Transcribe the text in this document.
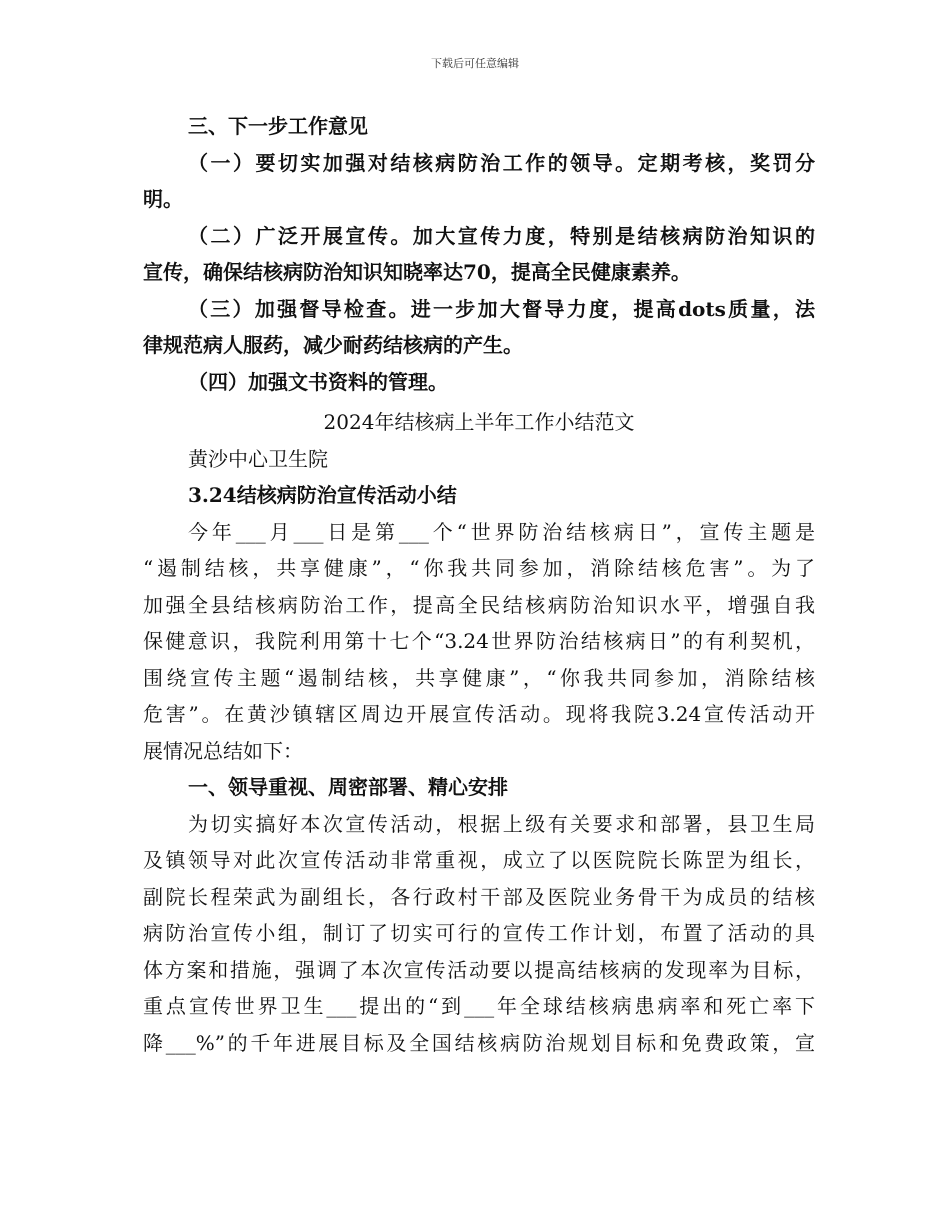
下载后可任意编辑
三、下一步工作意见
（一）要切实加强对结核病防治工作的领导。定期考核，奖罚分
明。
（二）广泛开展宣传。加大宣传力度，特别是结核病防治知识的
宣传，确保结核病防治知识知晓率达70，提高全民健康素养。
（三）加强督导检查。进一步加大督导力度，提高dots质量，法
律规范病人服药，减少耐药结核病的产生。
（四）加强文书资料的管理。
2024年结核病上半年工作小结范文
黄沙中心卫生院
3.24结核病防治宣传活动小结
今年___月___日是第___个“世界防治结核病日”，宣传主题是
“遏制结核，共享健康”，“你我共同参加，消除结核危害”。为了
加强全县结核病防治工作，提高全民结核病防治知识水平，增强自我
保健意识，我院利用第十七个“3.24世界防治结核病日”的有利契机，
围绕宣传主题“遏制结核，共享健康”，“你我共同参加，消除结核
危害”。在黄沙镇辖区周边开展宣传活动。现将我院3.24宣传活动开
展情况总结如下：
一、领导重视、周密部署、精心安排
为切实搞好本次宣传活动，根据上级有关要求和部署，县卫生局
及镇领导对此次宣传活动非常重视，成立了以医院院长陈罡为组长，
副院长程荣武为副组长，各行政村干部及医院业务骨干为成员的结核
病防治宣传小组，制订了切实可行的宣传工作计划，布置了活动的具
体方案和措施，强调了本次宣传活动要以提高结核病的发现率为目标，
重点宣传世界卫生___提出的“到___年全球结核病患病率和死亡率下
降___%”的千年进展目标及全国结核病防治规划目标和免费政策，宣
